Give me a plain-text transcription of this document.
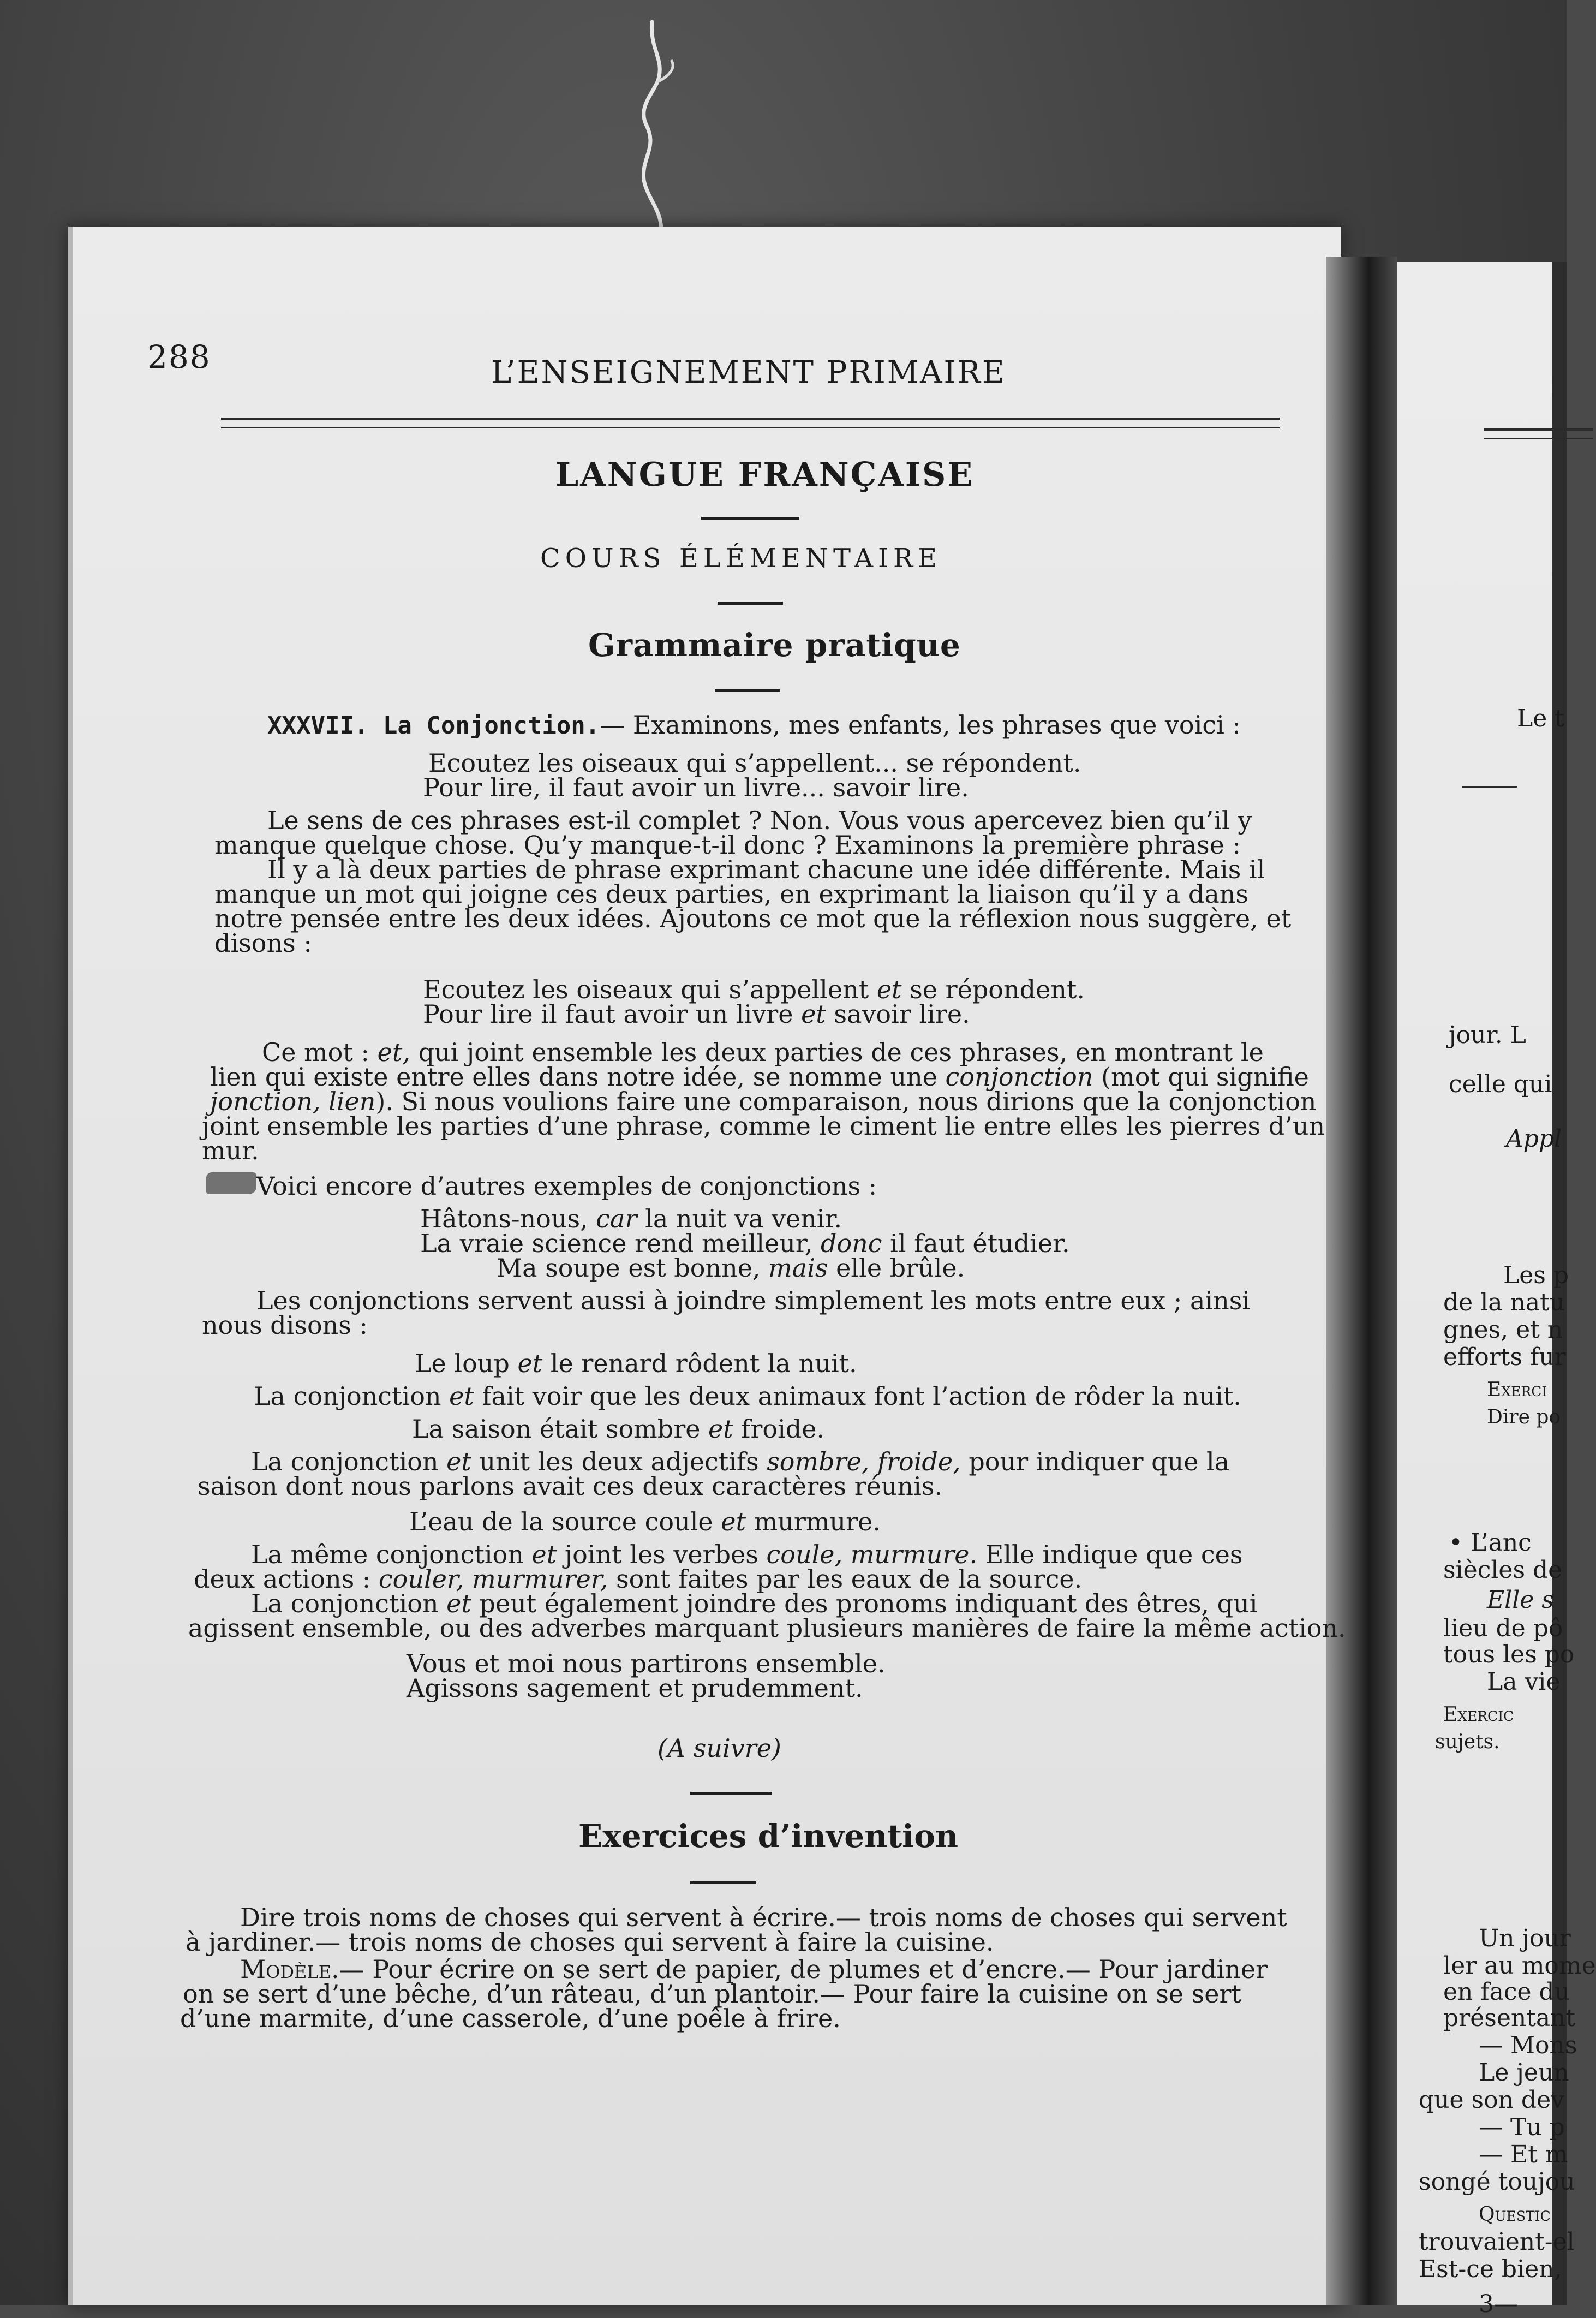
Le t
jour. L
celle qui
Appl
Les p
de la natu
gnes, et n
efforts fur
Exerci
Dire po
• L’anc
siècles de
Elle s
lieu de pô
tous les po
La vie
Exercic
sujets.
Un jour
ler au mome
en face du
présentant
— Mons
Le jeun
que son dev
— Tu p
— Et m
songé toujou
Questic
trouvaient-el
Est-ce bien,
3—
288	L’ENSEIGNEMENT PRIMAIRE
LANGUE FRANÇAISE
COURS ÉLÉMENTAIRE
Grammaire pratique
XXXVII. La Conjonction.— Examinons, mes enfants, les phrases que voici :
Ecoutez les oiseaux qui s’appellent... se répondent.
Pour lire, il faut avoir un livre... savoir lire.
Le sens de ces phrases est-il complet ? Non. Vous vous apercevez bien qu’il y
manque quelque chose. Qu’y manque-t-il donc ? Examinons la première phrase :
Il y a là deux parties de phrase exprimant chacune une idée différente. Mais il
manque un mot qui joigne ces deux parties, en exprimant la liaison qu’il y a dans
notre pensée entre les deux idées. Ajoutons ce mot que la réflexion nous suggère, et
disons :
Ecoutez les oiseaux qui s’appellent et se répondent.
Pour lire il faut avoir un livre et savoir lire.
Ce mot : et, qui joint ensemble les deux parties de ces phrases, en montrant le
lien qui existe entre elles dans notre idée, se nomme une conjonction (mot qui signifie
jonction, lien). Si nous voulions faire une comparaison, nous dirions que la conjonction
joint ensemble les parties d’une phrase, comme le ciment lie entre elles les pierres d’un
mur.
Voici encore d’autres exemples de conjonctions :
Hâtons-nous, car la nuit va venir.
La vraie science rend meilleur, donc il faut étudier.
Ma soupe est bonne, mais elle brûle.
Les conjonctions servent aussi à joindre simplement les mots entre eux ; ainsi
nous disons :
Le loup et le renard rôdent la nuit.
La conjonction et fait voir que les deux animaux font l’action de rôder la nuit.
La saison était sombre et froide.
La conjonction et unit les deux adjectifs sombre, froide, pour indiquer que la
saison dont nous parlons avait ces deux caractères réunis.
L’eau de la source coule et murmure.
La même conjonction et joint les verbes coule, murmure. Elle indique que ces
deux actions : couler, murmurer, sont faites par les eaux de la source.
La conjonction et peut également joindre des pronoms indiquant des êtres, qui
agissent ensemble, ou des adverbes marquant plusieurs manières de faire la même action.
Vous et moi nous partirons ensemble.
Agissons sagement et prudemment.
(A suivre)
Exercices d’invention
Dire trois noms de choses qui servent à écrire.— trois noms de choses qui servent
à jardiner.— trois noms de choses qui servent à faire la cuisine.
Modèle.— Pour écrire on se sert de papier, de plumes et d’encre.— Pour jardiner
on se sert d’une bêche, d’un râteau, d’un plantoir.— Pour faire la cuisine on se sert
d’une marmite, d’une casserole, d’une poêle à frire.
